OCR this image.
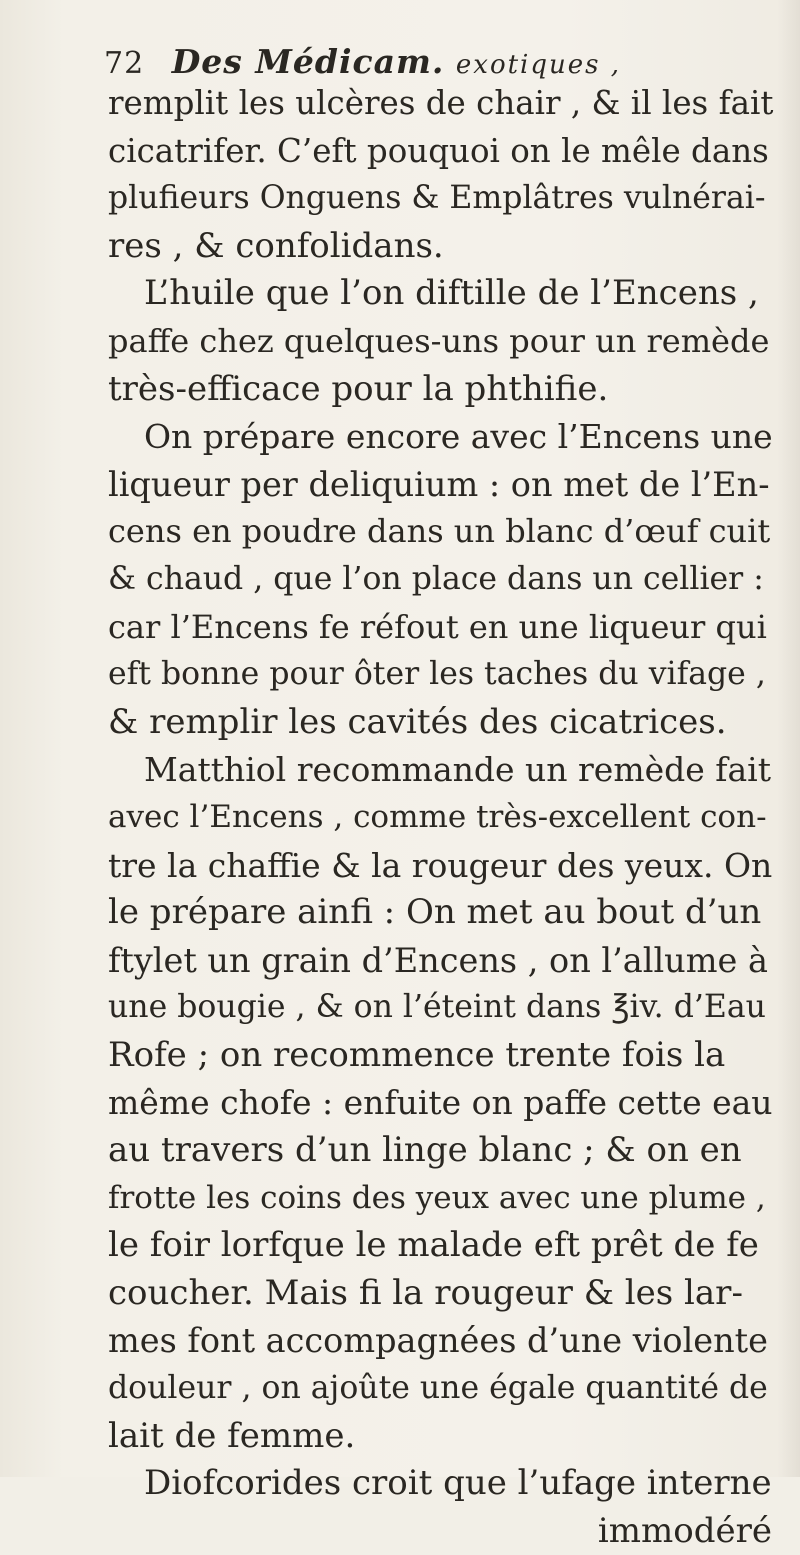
72 Des Médicam. exotiques ,
remplit les ulcères de chair , & il les fait
cicatrifer. C’eft pouquoi on le mêle dans
plufieurs Onguens & Emplâtres vulnérai-
res , & confolidans.
L’huile que l’on diftille de l’Encens ,
paffe chez quelques-uns pour un remède
très-efficace pour la phthifie.
On prépare encore avec l’Encens une
liqueur per deliquium : on met de l’En-
cens en poudre dans un blanc d’œuf cuit
& chaud , que l’on place dans un cellier :
car l’Encens fe réfout en une liqueur qui
eft bonne pour ôter les taches du vifage ,
& remplir les cavités des cicatrices.
Matthiol recommande un remède fait
avec l’Encens , comme très-excellent con-
tre la chaffie & la rougeur des yeux. On
le prépare ainfi : On met au bout d’un
ftylet un grain d’Encens , on l’allume à
une bougie , & on l’éteint dans ℥iv. d’Eau
Rofe ; on recommence trente fois la
même chofe : enfuite on paffe cette eau
au travers d’un linge blanc ; & on en
frotte les coins des yeux avec une plume ,
le foir lorfque le malade eft prêt de fe
coucher. Mais fi la rougeur & les lar-
mes font accompagnées d’une violente
douleur , on ajoûte une égale quantité de
lait de femme.
Diofcorides croit que l’ufage interne
immodéré
